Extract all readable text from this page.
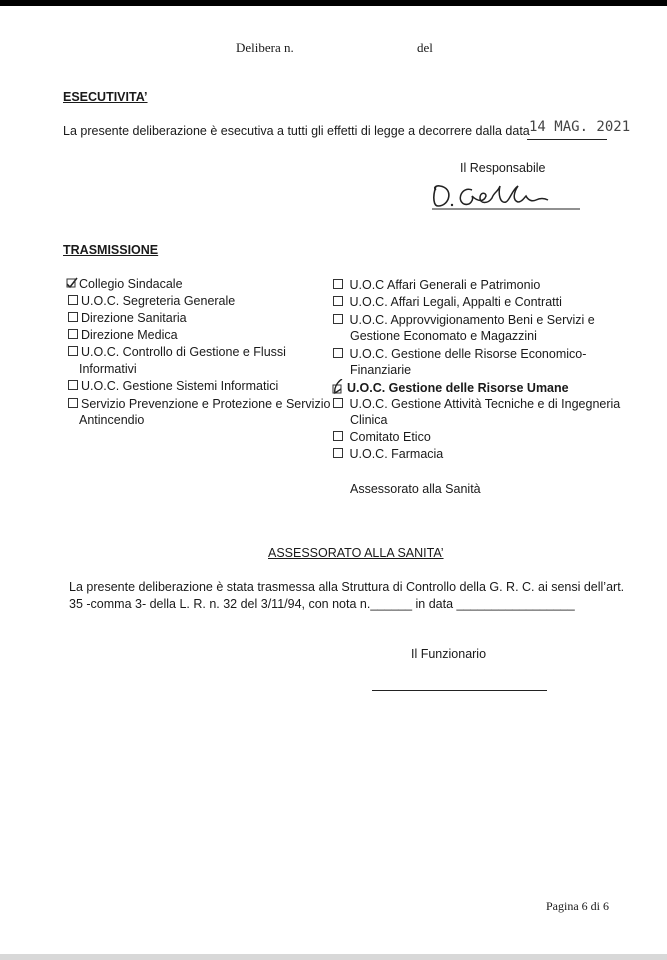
Delibera n.	del
ESECUTIVITA’
La presente deliberazione è esecutiva a tutti gli effetti di legge a decorrere dalla data 14 MAG. 2021
Il Responsabile
TRASMISSIONE
Collegio Sindacale
U.O.C. Segreteria Generale
Direzione Sanitaria
Direzione Medica
U.O.C. Controllo di Gestione e Flussi
Informativi
U.O.C. Gestione Sistemi Informatici
Servizio Prevenzione e Protezione e Servizio
Antincendio
U.O.C Affari Generali e Patrimonio
U.O.C. Affari Legali, Appalti e Contratti
U.O.C. Approvvigionamento Beni e Servizi e
Gestione Economato e Magazzini
U.O.C. Gestione delle Risorse Economico-
Finanziarie
U.O.C. Gestione delle Risorse Umane
U.O.C. Gestione Attività Tecniche e di Ingegneria
Clinica
Comitato Etico
U.O.C. Farmacia
Assessorato alla Sanità
ASSESSORATO ALLA SANITA’
La presente deliberazione è stata trasmessa alla Struttura di Controllo della G. R. C. ai sensi dell’art.
35 -comma 3- della L. R. n. 32 del 3/11/94, con nota n.______ in data _________________
Il Funzionario
Pagina 6 di 6
